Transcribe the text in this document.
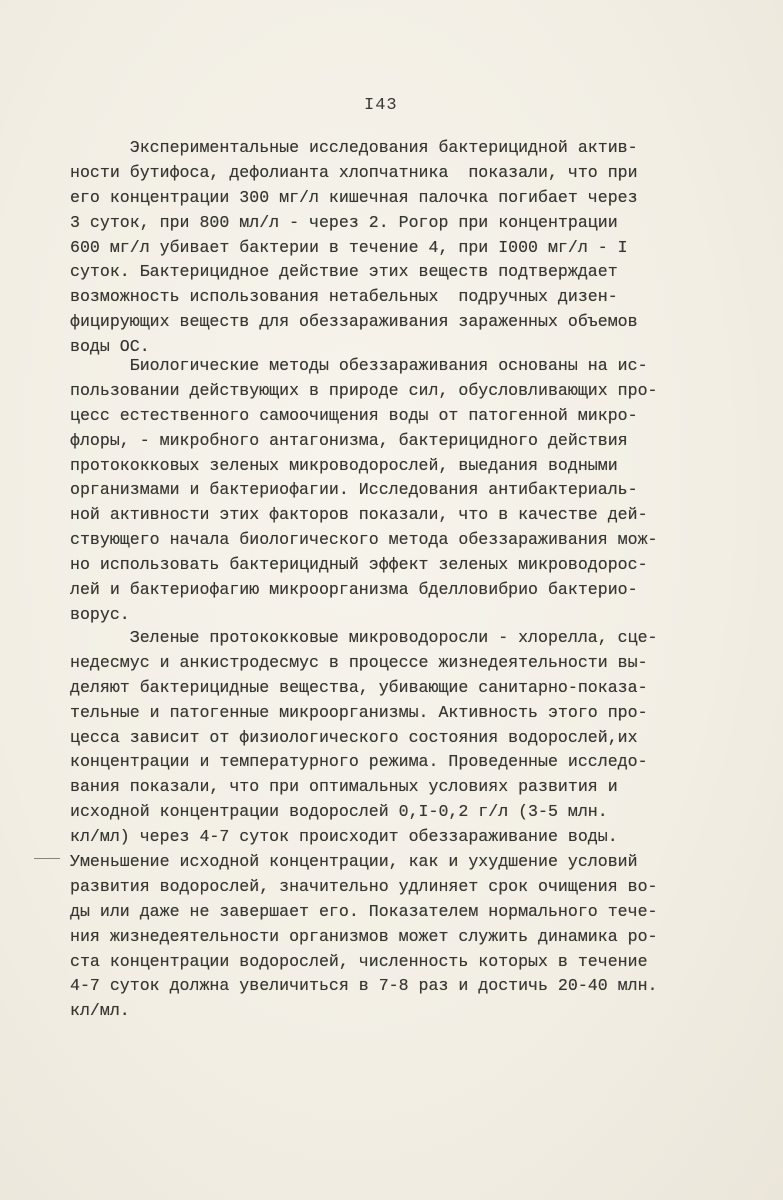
I43
Экспериментальные исследования бактерицидной актив-
ности бутифоса, дефолианта хлопчатника  показали, что при
его концентрации 300 мг/л кишечная палочка погибает через
3 суток, при 800 мл/л - через 2. Рогор при концентрации
600 мг/л убивает бактерии в течение 4, при I000 мг/л - I
суток. Бактерицидное действие этих веществ подтверждает
возможность использования нетабельных  подручных дизен-
фицирующих веществ для обеззараживания зараженных объемов
воды ОС.
Биологические методы обеззараживания основаны на ис-
пользовании действующих в природе сил, обусловливающих про-
цесс естественного самоочищения воды от патогенной микро-
флоры, - микробного антагонизма, бактерицидного действия
протококковых зеленых микроводорослей, выедания водными
организмами и бактериофагии. Исследования антибактериаль-
ной активности этих факторов показали, что в качестве дей-
ствующего начала биологического метода обеззараживания мож-
но использовать бактерицидный эффект зеленых микроводорос-
лей и бактериофагию микроорганизма бделловибрио бактерио-
ворус.
Зеленые протококковые микроводоросли - хлорелла, сце-
недесмус и анкистродесмус в процессе жизнедеятельности вы-
деляют бактерицидные вещества, убивающие санитарно-показа-
тельные и патогенные микроорганизмы. Активность этого про-
цесса зависит от физиологического состояния водорослей,их
концентрации и температурного режима. Проведенные исследо-
вания показали, что при оптимальных условиях развития и
исходной концентрации водорослей 0,I-0,2 г/л (3-5 млн.
кл/мл) через 4-7 суток происходит обеззараживание воды.
Уменьшение исходной концентрации, как и ухудшение условий
развития водорослей, значительно удлиняет срок очищения во-
ды или даже не завершает его. Показателем нормального тече-
ния жизнедеятельности организмов может служить динамика ро-
ста концентрации водорослей, численность которых в течение
4-7 суток должна увеличиться в 7-8 раз и достичь 20-40 млн.
кл/мл.
